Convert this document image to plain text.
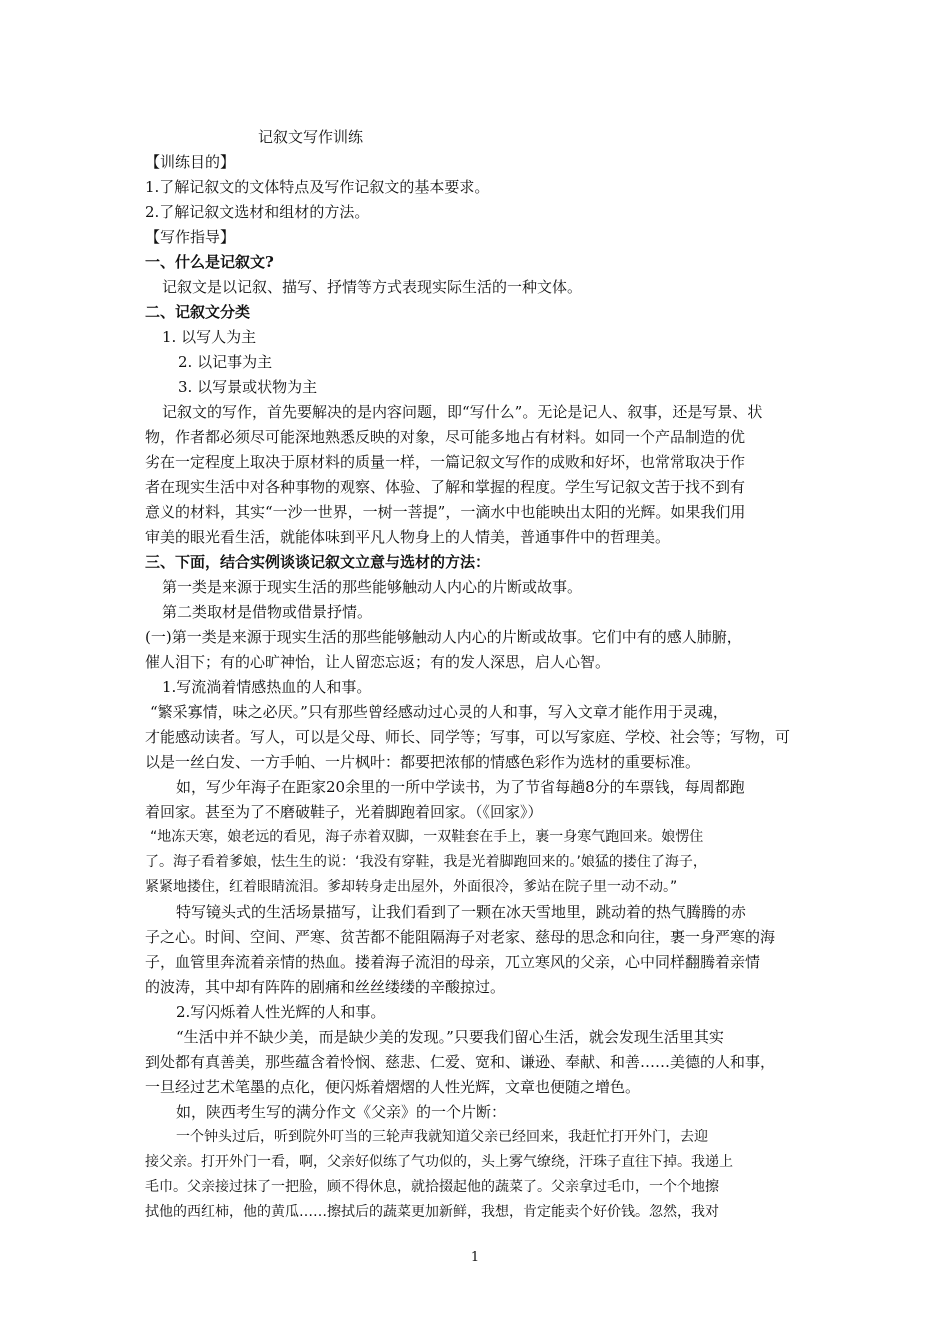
记叙文写作训练
【训练目的】
1.了解记叙文的文体特点及写作记叙文的基本要求。
2.了解记叙文选材和组材的方法。
【写作指导】
一、什么是记叙文?
记叙文是以记叙、描写、抒情等方式表现实际生活的一种文体。
二、记叙文分类
1. 以写人为主
2. 以记事为主
3. 以写景或状物为主
记叙文的写作，首先要解决的是内容问题，即“写什么”。无论是记人、叙事，还是写景、状
物，作者都必须尽可能深地熟悉反映的对象，尽可能多地占有材料。如同一个产品制造的优
劣在一定程度上取决于原材料的质量一样，一篇记叙文写作的成败和好坏，也常常取决于作
者在现实生活中对各种事物的观察、体验、了解和掌握的程度。学生写记叙文苦于找不到有
意义的材料，其实“一沙一世界，一树一菩提”，一滴水中也能映出太阳的光辉。如果我们用
审美的眼光看生活，就能体味到平凡人物身上的人情美，普通事件中的哲理美。
三、下面，结合实例谈谈记叙文立意与选材的方法：
第一类是来源于现实生活的那些能够触动人内心的片断或故事。
第二类取材是借物或借景抒情。
(一)第一类是来源于现实生活的那些能够触动人内心的片断或故事。它们中有的感人肺腑，
催人泪下；有的心旷神怡，让人留恋忘返；有的发人深思，启人心智。
1.写流淌着情感热血的人和事。
“繁采寡情，味之必厌。”只有那些曾经感动过心灵的人和事，写入文章才能作用于灵魂，
才能感动读者。写人，可以是父母、师长、同学等；写事，可以写家庭、学校、社会等；写物，可
以是一丝白发、一方手帕、一片枫叶：都要把浓郁的情感色彩作为选材的重要标准。
如，写少年海子在距家20余里的一所中学读书，为了节省每趟8分的车票钱，每周都跑
着回家。甚至为了不磨破鞋子，光着脚跑着回家。（《回家》）
“地冻天寒，娘老远的看见，海子赤着双脚，一双鞋套在手上，裹一身寒气跑回来。娘愣住
了。海子看着爹娘，怯生生的说：‘我没有穿鞋，我是光着脚跑回来的。’娘猛的搂住了海子，
紧紧地搂住，红着眼睛流泪。爹却转身走出屋外，外面很冷，爹站在院子里一动不动。”
特写镜头式的生活场景描写，让我们看到了一颗在冰天雪地里，跳动着的热气腾腾的赤
子之心。时间、空间、严寒、贫苦都不能阻隔海子对老家、慈母的思念和向往，裹一身严寒的海
子，血管里奔流着亲情的热血。搂着海子流泪的母亲，兀立寒风的父亲，心中同样翻腾着亲情
的波涛，其中却有阵阵的剧痛和丝丝缕缕的辛酸掠过。
2.写闪烁着人性光辉的人和事。
“生活中并不缺少美，而是缺少美的发现。”只要我们留心生活，就会发现生活里其实
到处都有真善美，那些蕴含着怜悯、慈悲、仁爱、宽和、谦逊、奉献、和善……美德的人和事，
一旦经过艺术笔墨的点化，便闪烁着熠熠的人性光辉，文章也便随之增色。
如，陕西考生写的满分作文《父亲》的一个片断：
一个钟头过后，听到院外叮当的三轮声我就知道父亲已经回来，我赶忙打开外门，去迎
接父亲。打开外门一看，啊，父亲好似练了气功似的，头上雾气缭绕，汗珠子直往下掉。我递上
毛巾。父亲接过抹了一把脸，顾不得休息，就拾掇起他的蔬菜了。父亲拿过毛巾，一个个地擦
拭他的西红柿，他的黄瓜……擦拭后的蔬菜更加新鲜，我想，肯定能卖个好价钱。忽然，我对
1
